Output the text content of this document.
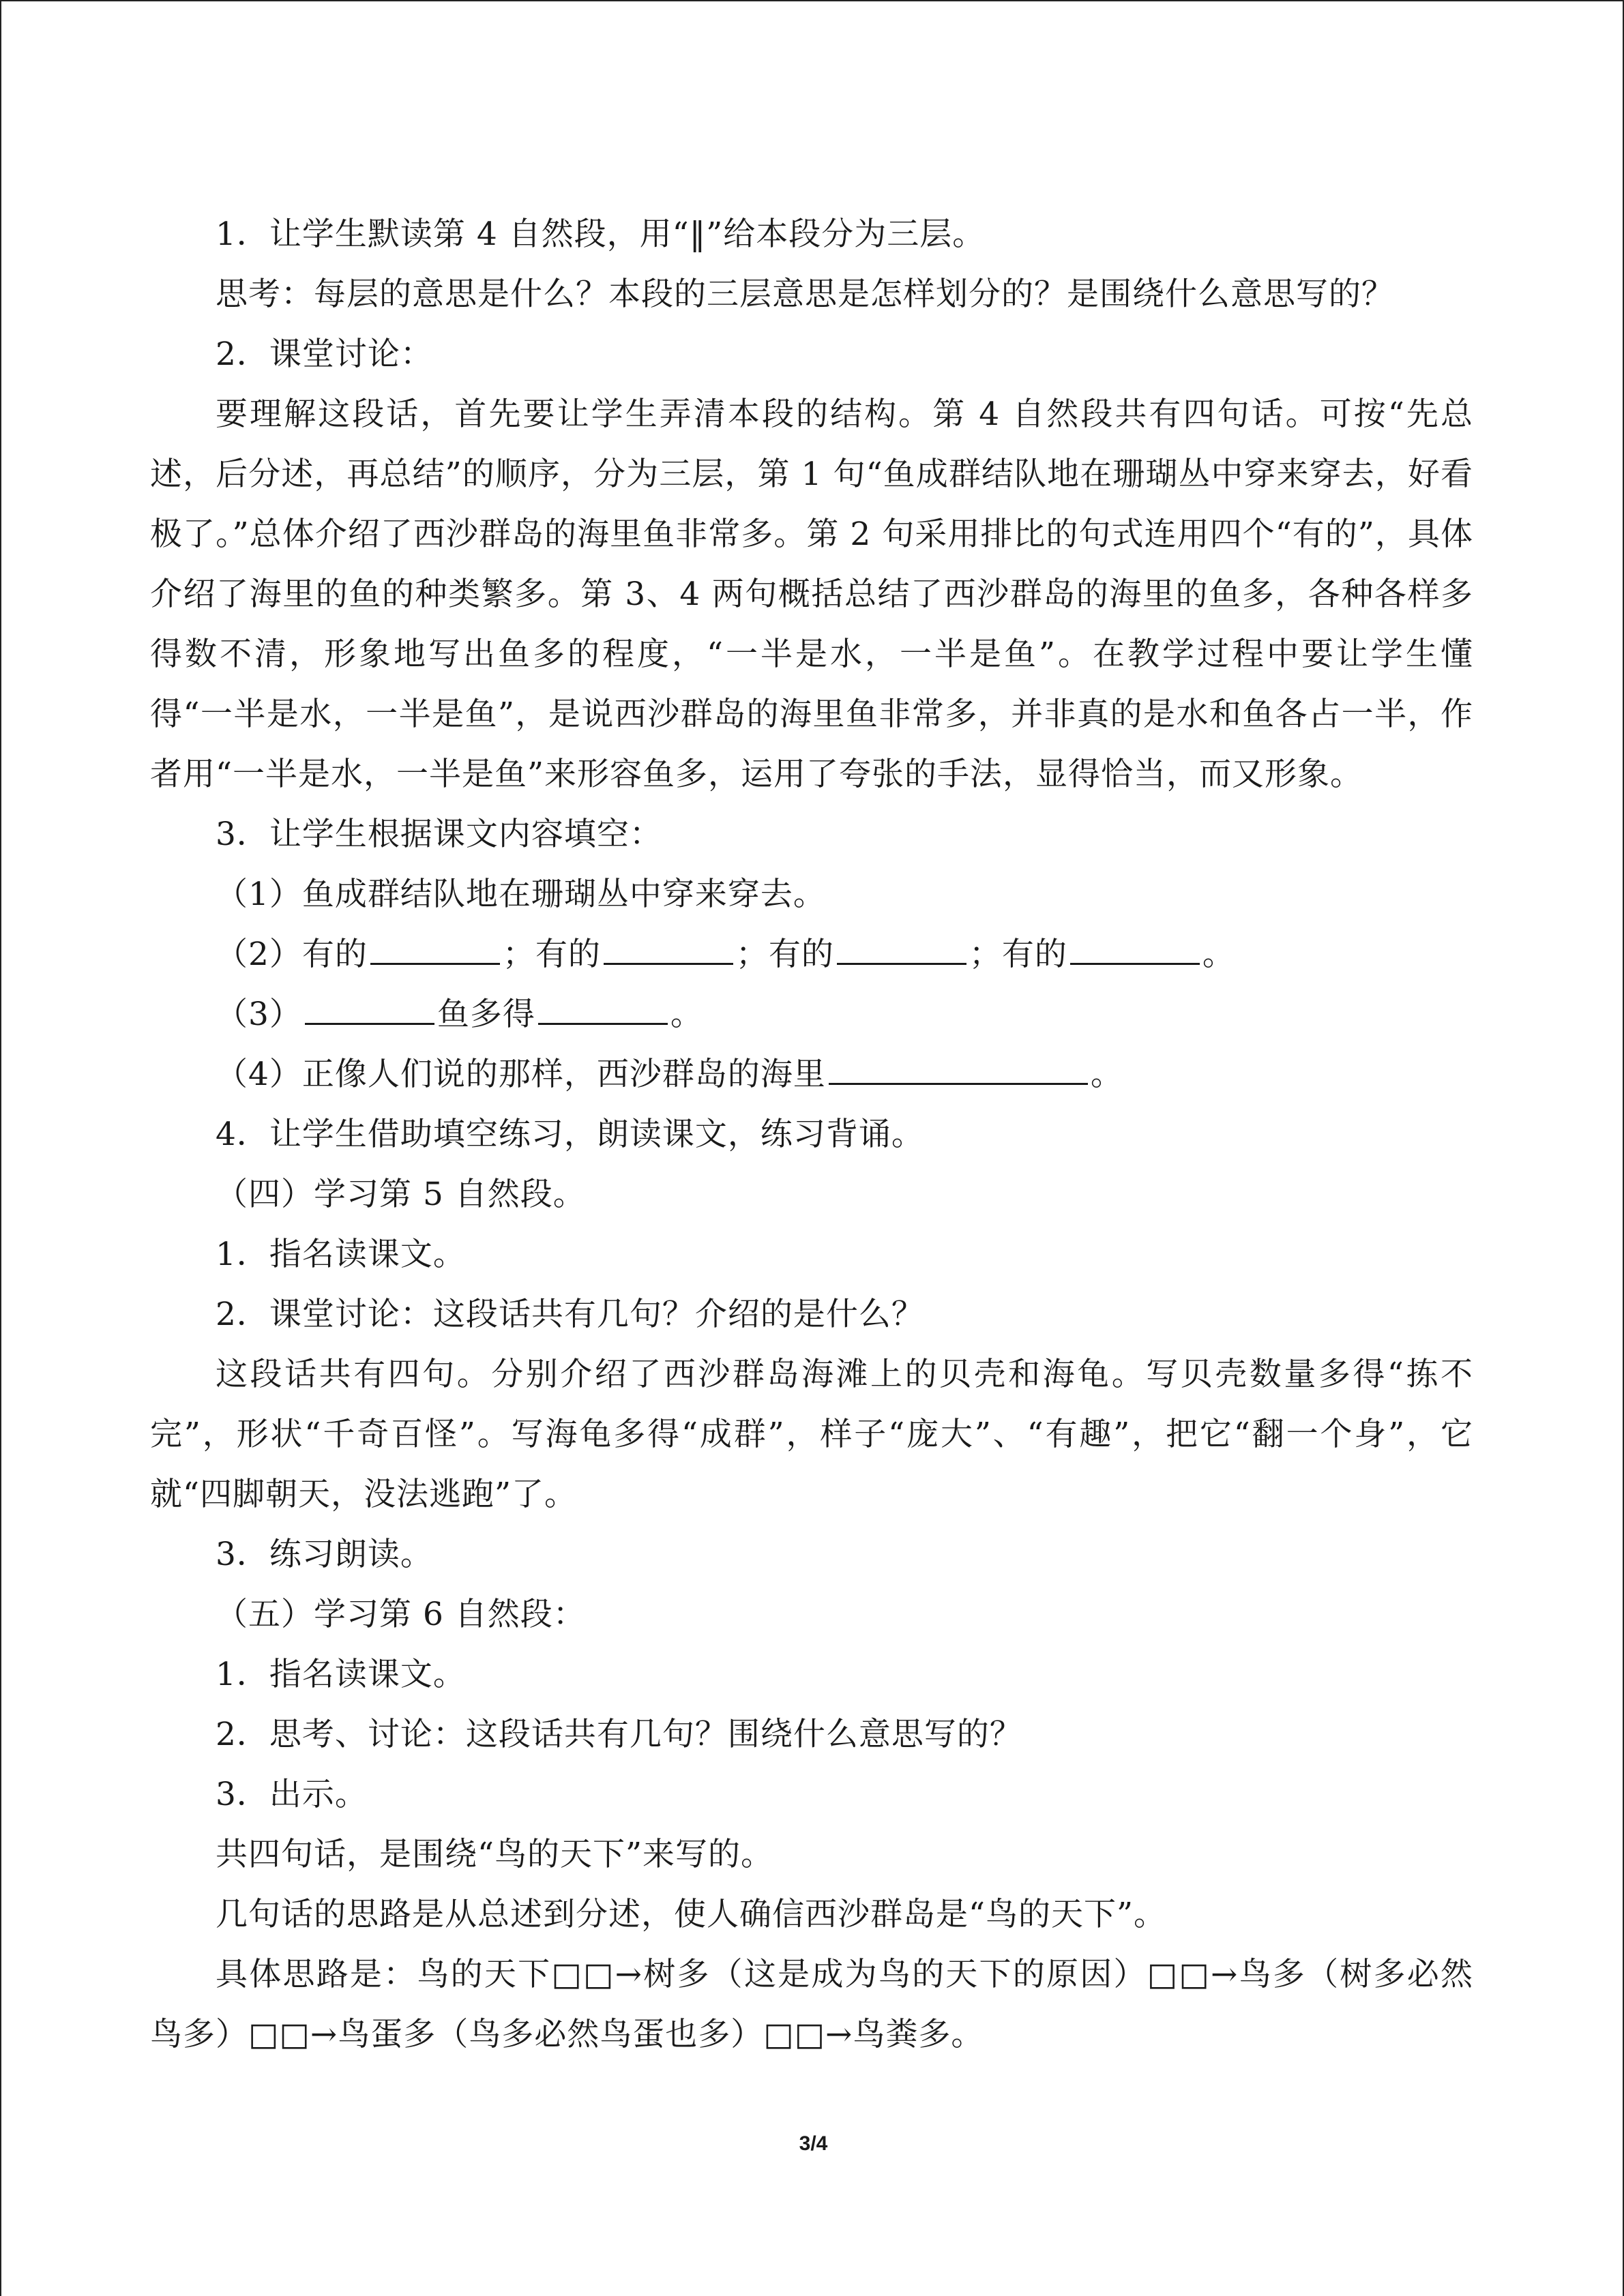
1．让学生默读第 4 自然段，用“‖”给本段分为三层。

思考：每层的意思是什么？本段的三层意思是怎样划分的？是围绕什么意思写的？

2．课堂讨论：

要理解这段话，首先要让学生弄清本段的结构。第 4 自然段共有四句话。可按“先总述，后分述，再总结”的顺序，分为三层，第 1 句“鱼成群结队地在珊瑚丛中穿来穿去，好看极了。”总体介绍了西沙群岛的海里鱼非常多。第 2 句采用排比的句式连用四个“有的”，具体介绍了海里的鱼的种类繁多。第 3、4 两句概括总结了西沙群岛的海里的鱼多，各种各样多得数不清，形象地写出鱼多的程度，“一半是水，一半是鱼”。在教学过程中要让学生懂得“一半是水，一半是鱼”，是说西沙群岛的海里鱼非常多，并非真的是水和鱼各占一半，作者用“一半是水，一半是鱼”来形容鱼多，运用了夸张的手法，显得恰当，而又形象。

3．让学生根据课文内容填空：

（1）鱼成群结队地在珊瑚丛中穿来穿去。

（2）有的	；有的	；有的	；有的	。

（3）	鱼多得	。

（4）正像人们说的那样，西沙群岛的海里	。

4．让学生借助填空练习，朗读课文，练习背诵。

（四）学习第 5 自然段。

1．指名读课文。

2．课堂讨论：这段话共有几句？介绍的是什么？

这段话共有四句。分别介绍了西沙群岛海滩上的贝壳和海龟。写贝壳数量多得“拣不完”，形状“千奇百怪”。写海龟多得“成群”，样子“庞大”、“有趣”，把它“翻一个身”，它就“四脚朝天，没法逃跑”了。

3．练习朗读。

（五）学习第 6 自然段：

1．指名读课文。

2．思考、讨论：这段话共有几句？围绕什么意思写的？

3．出示。

共四句话，是围绕“鸟的天下”来写的。

几句话的思路是从总述到分述，使人确信西沙群岛是“鸟的天下”。

具体思路是：鸟的天下□□→树多（这是成为鸟的天下的原因）□□→鸟多（树多必然鸟多）□□→鸟蛋多（鸟多必然鸟蛋也多）□□→鸟粪多。

3/4
